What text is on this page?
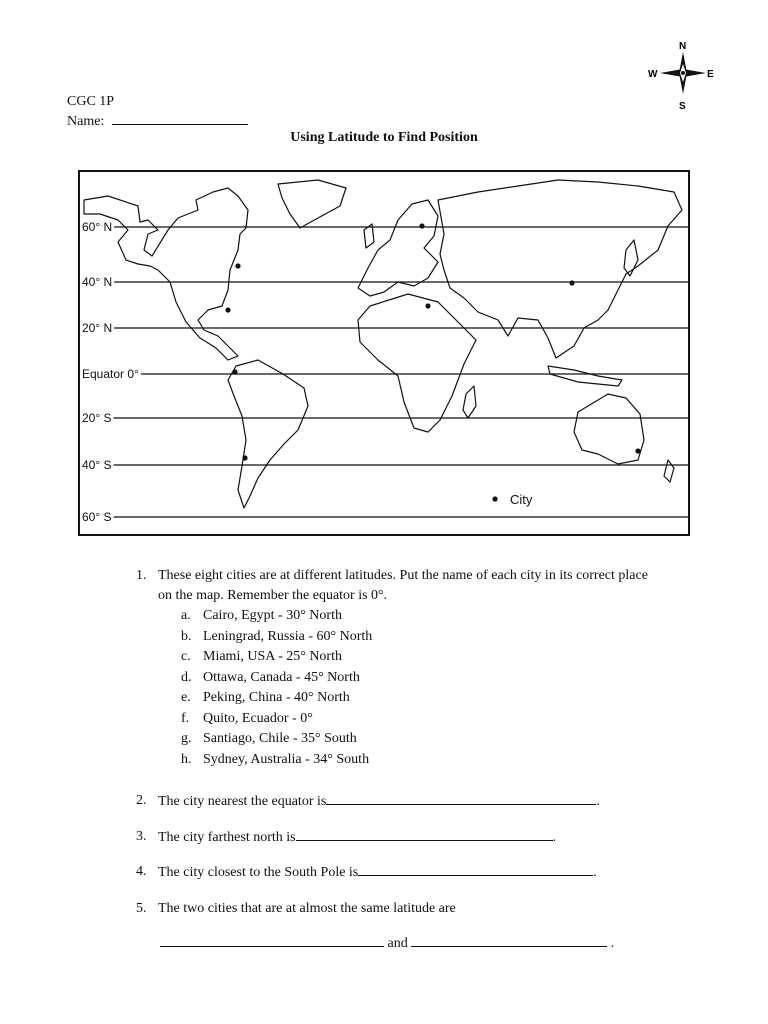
CGC 1P
Name:
N
S
E
W
Using Latitude to Find Position
60° N
40° N
20° N
Equator 0°
20° S
40° S
60° S
City
1. These eight cities are at different latitudes. Put the name of each city in its correct place
on the map. Remember the equator is 0°.
a. Cairo, Egypt - 30° North
b. Leningrad, Russia - 60° North
c. Miami, USA - 25° North
d. Ottawa, Canada - 45° North
e. Peking, China - 40° North
f. Quito, Ecuador - 0°
g. Santiago, Chile - 35° South
h. Sydney, Australia - 34° South
2. The city nearest the equator is	.
3. The city farthest north is	.
4. The city closest to the South Pole is	.
5. The two cities that are at almost the same latitude are
and	.
